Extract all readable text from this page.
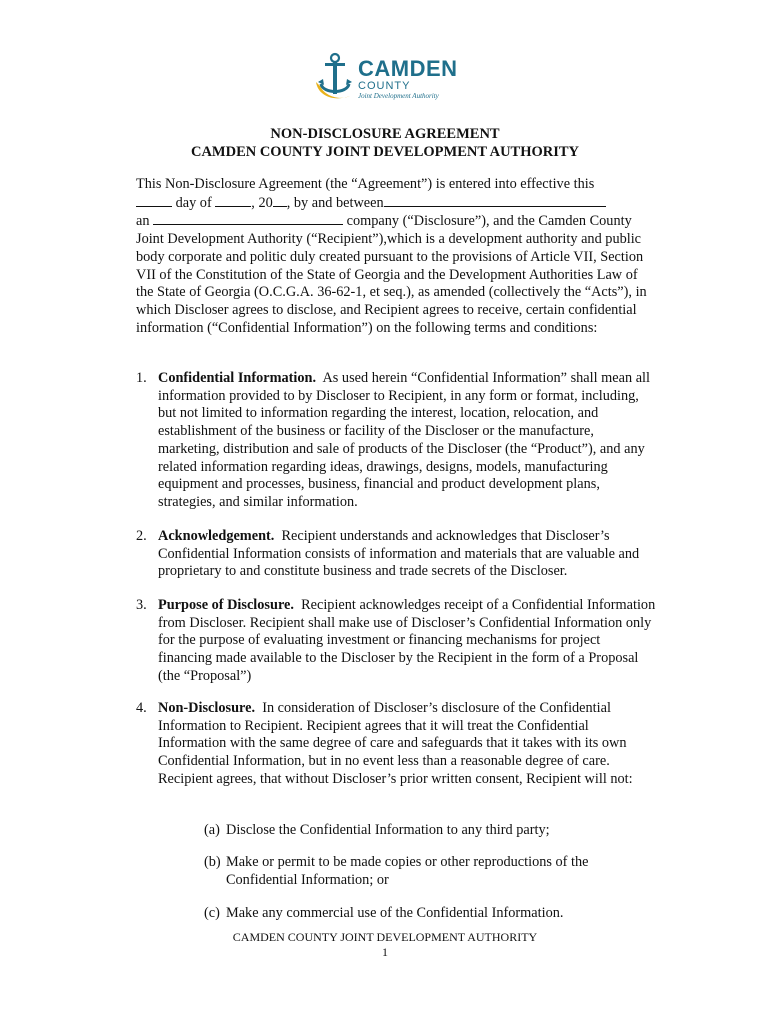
CAMDEN
COUNTY
Joint Development Authority
NON-DISCLOSURE AGREEMENT
CAMDEN COUNTY JOINT DEVELOPMENT AUTHORITY
This Non-Disclosure Agreement (the “Agreement”) is entered into effective this
day of	, 20 , by and between
an	company (“Disclosure”), and the Camden County
Joint Development Authority (“Recipient”),which is a development authority and public body corporate and politic duly created pursuant to the provisions of Article VII, Section VII of the Constitution of the State of Georgia and the Development Authorities Law of the State of Georgia (O.C.G.A. 36-62-1, et seq.), as amended (collectively the “Acts”), in which Discloser agrees to disclose, and Recipient agrees to receive, certain confidential information (“Confidential Information”) on the following terms and conditions:
1. Confidential Information. As used herein “Confidential Information” shall mean all information provided to by Discloser to Recipient, in any form or format, including, but not limited to information regarding the interest, location, relocation, and establishment of the business or facility of the Discloser or the manufacture, marketing, distribution and sale of products of the Discloser (the “Product”), and any related information regarding ideas, drawings, designs, models, manufacturing equipment and processes, business, financial and product development plans, strategies, and similar information.
2. Acknowledgement. Recipient understands and acknowledges that Discloser’s Confidential Information consists of information and materials that are valuable and proprietary to and constitute business and trade secrets of the Discloser.
3. Purpose of Disclosure. Recipient acknowledges receipt of a Confidential Information from Discloser. Recipient shall make use of Discloser’s Confidential Information only for the purpose of evaluating investment or financing mechanisms for project financing made available to the Discloser by the Recipient in the form of a Proposal (the “Proposal”)
4. Non-Disclosure. In consideration of Discloser’s disclosure of the Confidential Information to Recipient. Recipient agrees that it will treat the Confidential Information with the same degree of care and safeguards that it takes with its own Confidential Information, but in no event less than a reasonable degree of care. Recipient agrees, that without Discloser’s prior written consent, Recipient will not:
(a) Disclose the Confidential Information to any third party;
(b) Make or permit to be made copies or other reproductions of the Confidential Information; or
(c) Make any commercial use of the Confidential Information.
CAMDEN COUNTY JOINT DEVELOPMENT AUTHORITY
1
